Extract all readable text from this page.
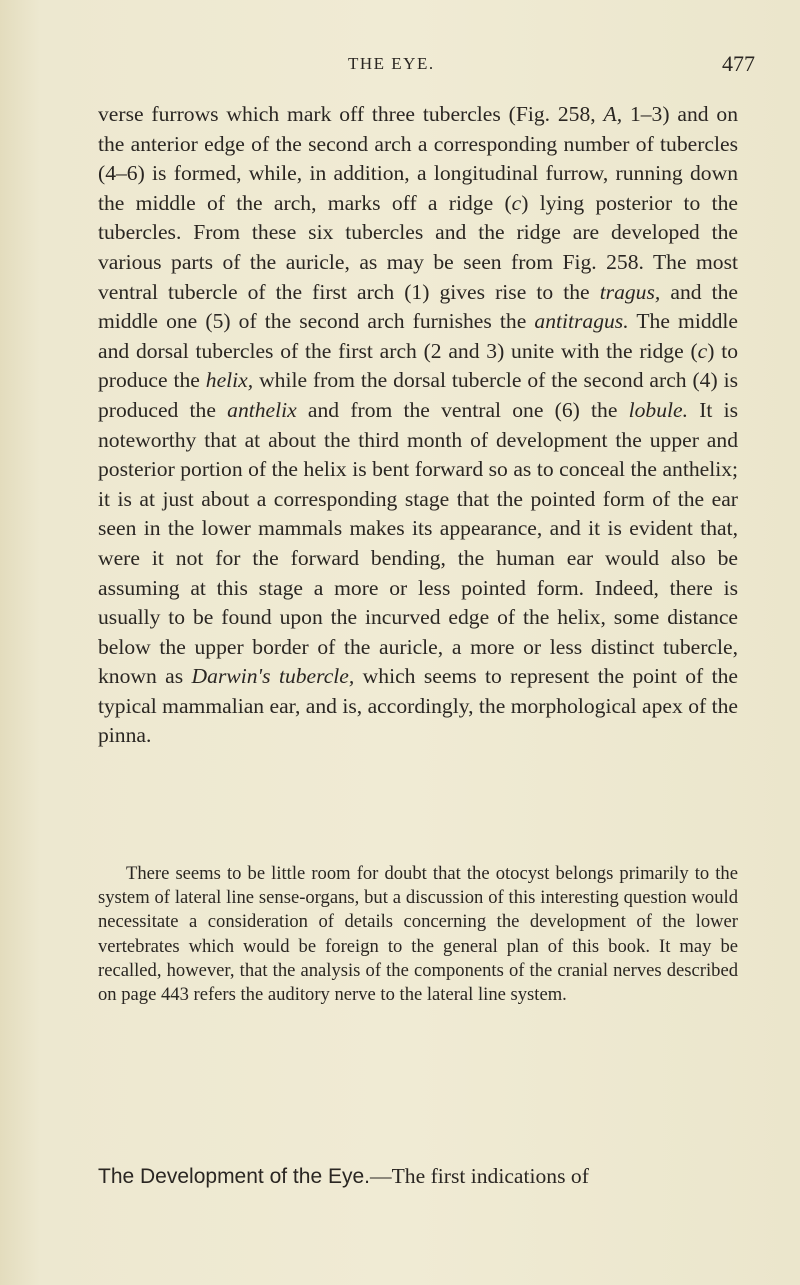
THE EYE.	477

verse furrows which mark off three tubercles (Fig. 258, A, 1–3) and on the anterior edge of the second arch a corresponding number of tubercles (4–6) is formed, while, in addition, a longitudinal furrow, running down the middle of the arch, marks off a ridge (c) lying posterior to the tubercles. From these six tubercles and the ridge are developed the various parts of the auricle, as may be seen from Fig. 258. The most ventral tubercle of the first arch (1) gives rise to the tragus, and the middle one (5) of the second arch furnishes the antitragus. The middle and dorsal tubercles of the first arch (2 and 3) unite with the ridge (c) to produce the helix, while from the dorsal tubercle of the second arch (4) is produced the anthelix and from the ventral one (6) the lobule. It is noteworthy that at about the third month of development the upper and posterior portion of the helix is bent forward so as to conceal the anthelix; it is at just about a corresponding stage that the pointed form of the ear seen in the lower mammals makes its appearance, and it is evident that, were it not for the forward bending, the human ear would also be assuming at this stage a more or less pointed form. Indeed, there is usually to be found upon the incurved edge of the helix, some distance below the upper border of the auricle, a more or less distinct tubercle, known as Darwin's tubercle, which seems to represent the point of the typical mammalian ear, and is, accordingly, the morphological apex of the pinna.

There seems to be little room for doubt that the otocyst belongs primarily to the system of lateral line sense-organs, but a discussion of this interesting question would necessitate a consideration of details concerning the development of the lower vertebrates which would be foreign to the general plan of this book. It may be recalled, however, that the analysis of the components of the cranial nerves described on page 443 refers the auditory nerve to the lateral line system.

The Development of the Eye.—The first indications of
